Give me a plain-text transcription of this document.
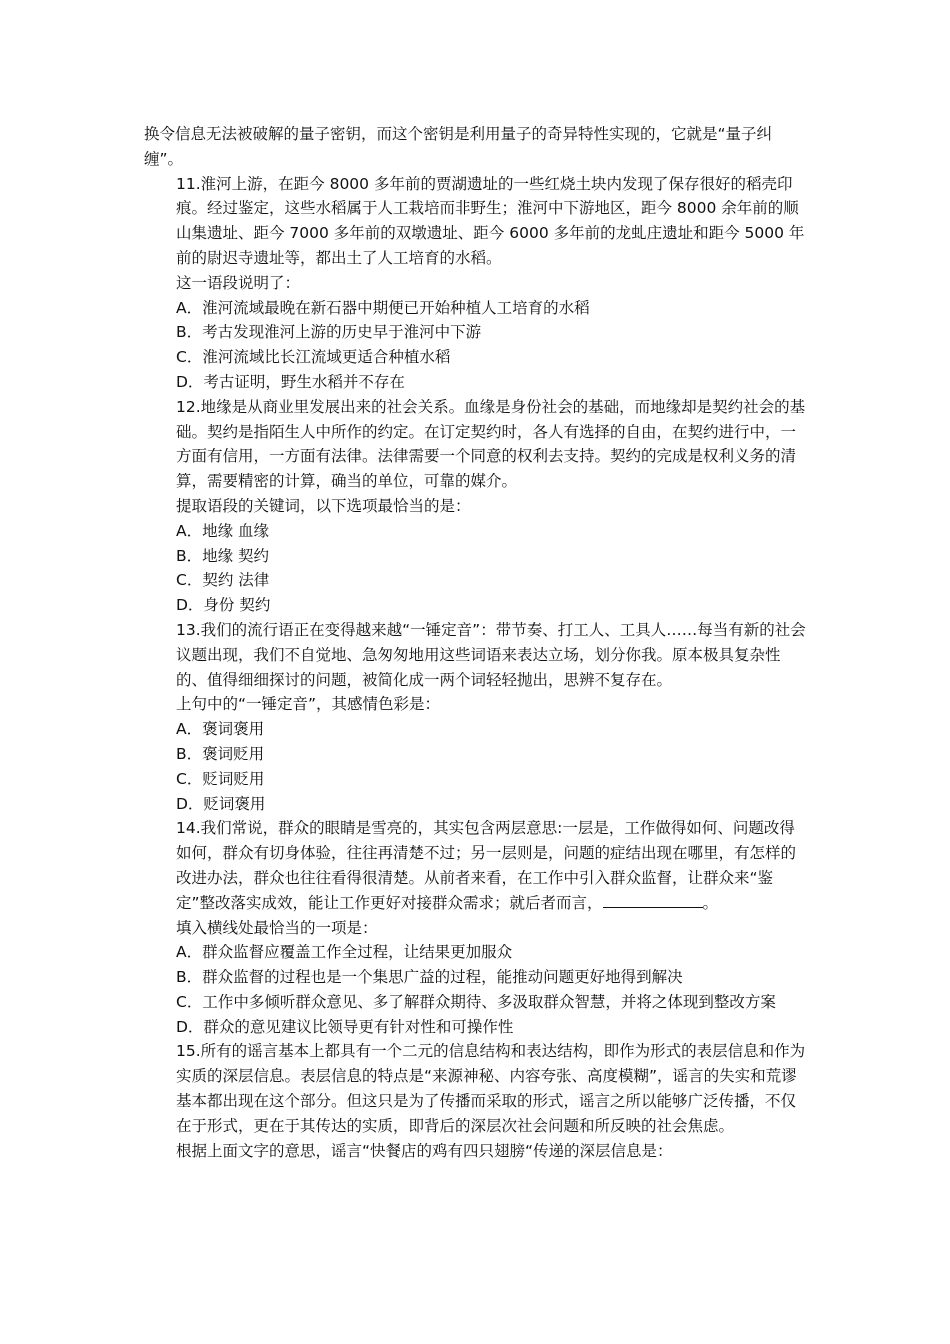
换令信息无法被破解的量子密钥，而这个密钥是利用量子的奇异特性实现的，它就是“量子纠缠”。

11.淮河上游，在距今 8000 多年前的贾湖遗址的一些红烧土块内发现了保存很好的稻壳印痕。经过鉴定，这些水稻属于人工栽培而非野生；淮河中下游地区，距今 8000 余年前的顺山集遗址、距今 7000 多年前的双墩遗址、距今 6000 多年前的龙虬庄遗址和距今 5000 年前的尉迟寺遗址等，都出土了人工培育的水稻。

这一语段说明了：

A．淮河流域最晚在新石器中期便已开始种植人工培育的水稻

B．考古发现淮河上游的历史早于淮河中下游

C．淮河流域比长江流域更适合种植水稻

D．考古证明，野生水稻并不存在

12.地缘是从商业里发展出来的社会关系。血缘是身份社会的基础，而地缘却是契约社会的基础。契约是指陌生人中所作的约定。在订定契约时，各人有选择的自由，在契约进行中，一方面有信用，一方面有法律。法律需要一个同意的权利去支持。契约的完成是权利义务的清算，需要精密的计算，确当的单位，可靠的媒介。

提取语段的关键词，以下选项最恰当的是：

A．地缘 血缘

B．地缘 契约

C．契约 法律

D．身份 契约

13.我们的流行语正在变得越来越“一锤定音”：带节奏、打工人、工具人……每当有新的社会议题出现，我们不自觉地、急匆匆地用这些词语来表达立场，划分你我。原本极具复杂性的、值得细细探讨的问题，被简化成一两个词轻轻抛出，思辨不复存在。

上句中的“一锤定音”，其感情色彩是：

A．褒词褒用

B．褒词贬用

C．贬词贬用

D．贬词褒用

14.我们常说，群众的眼睛是雪亮的，其实包含两层意思:一层是，工作做得如何、问题改得如何，群众有切身体验，往往再清楚不过；另一层则是，问题的症结出现在哪里，有怎样的改进办法，群众也往往看得很清楚。从前者来看，在工作中引入群众监督，让群众来“鉴定”整改落实成效，能让工作更好对接群众需求；就后者而言，	。

填入横线处最恰当的一项是：

A．群众监督应覆盖工作全过程，让结果更加服众

B．群众监督的过程也是一个集思广益的过程，能推动问题更好地得到解决

C．工作中多倾听群众意见、多了解群众期待、多汲取群众智慧，并将之体现到整改方案

D．群众的意见建议比领导更有针对性和可操作性

15.所有的谣言基本上都具有一个二元的信息结构和表达结构，即作为形式的表层信息和作为实质的深层信息。表层信息的特点是“来源神秘、内容夸张、高度模糊”，谣言的失实和荒谬基本都出现在这个部分。但这只是为了传播而采取的形式，谣言之所以能够广泛传播，不仅在于形式，更在于其传达的实质，即背后的深层次社会问题和所反映的社会焦虑。

根据上面文字的意思，谣言“快餐店的鸡有四只翅膀“传递的深层信息是：
